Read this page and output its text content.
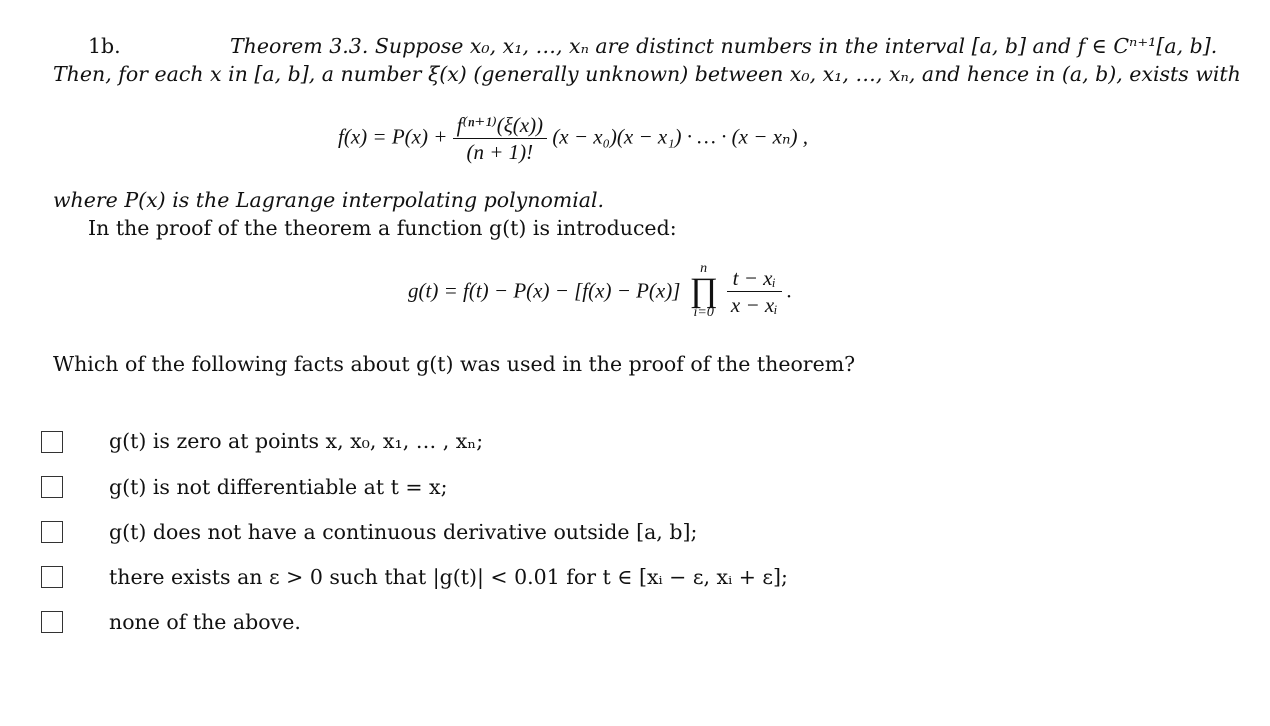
1b.	Theorem 3.3. Suppose x₀, x₁, …, xₙ are distinct numbers in the interval [a, b] and f ∈ Cⁿ⁺¹[a, b].
Then, for each x in [a, b], a number ξ(x) (generally unknown) between x₀, x₁, …, xₙ, and hence in (a, b), exists with
$f(x) = P(x) + \frac{\text{f⁽ⁿ⁺¹⁾(ξ(x))}}{(n + 1)!} (x - x_0)(x - x_1)$ · … · (x − xₙ) ,
where P(x) is the Lagrange interpolating polynomial.
In the proof of the theorem a function g(t) is introduced:
g(t) = f(t) − P(x) − [f(x) − P(x)]
n
∏
i=0
$\frac{\text{t − xᵢ}}{\text{x − xᵢ}}$ .
Which of the following facts about g(t) was used in the proof of the theorem?
g(t) is zero at points x, x₀, x₁, … , xₙ;
g(t) is not differentiable at t = x;
g(t) does not have a continuous derivative outside [a, b];
there exists an ε > 0 such that |g(t)| < 0.01 for t ∈ [xᵢ − ε, xᵢ + ε];
none of the above.
